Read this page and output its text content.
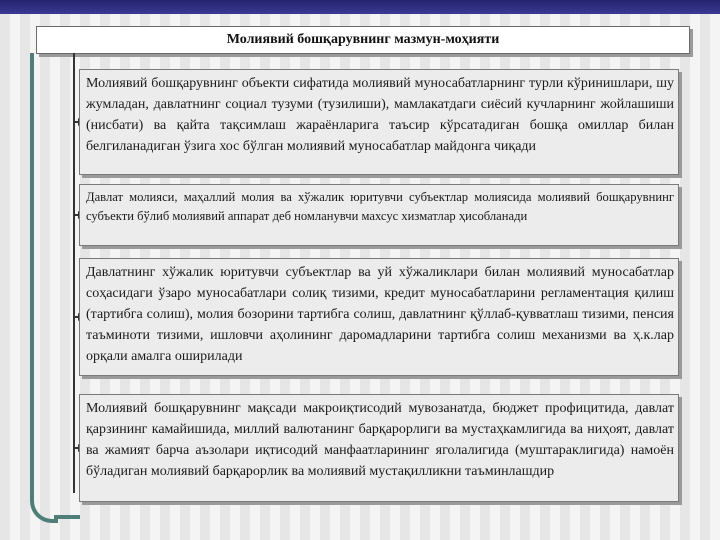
Молиявий бошқарувнинг мазмун-моҳияти

Молиявий бошқарувнинг объекти сифатида молиявий муносабатларнинг турли кўринишлари, шу жумладан, давлатнинг социал тузуми (тузилиши), мамлакатдаги сиёсий кучларнинг жойлашиши (нисбати) ва қайта тақсимлаш жараёнларига таъсир кўрсатадиган бошқа омиллар билан белгиланадиган ўзига хос бўлган молиявий муносабатлар майдонга чиқади

Давлат молияси, маҳаллий молия ва хўжалик юритувчи субъектлар молиясида молиявий бошқарувнинг субъекти бўлиб молиявий аппарат деб номланувчи махсус хизматлар ҳисобланади

Давлатнинг хўжалик юритувчи субъектлар ва уй хўжаликлари билан молиявий муносабатлар соҳасидаги ўзаро муносабатлари солиқ тизими, кредит муносабатларини регламентация қилиш (тартибга солиш), молия бозорини тартибга солиш, давлатнинг қўллаб-қувватлаш тизими, пенсия таъминоти тизими, ишловчи аҳолининг даромадларини тартибга солиш механизми ва ҳ.к.лар орқали амалга оширилади

Молиявий бошқарувнинг мақсади макроиқтисодий мувозанатда, бюджет профицитида, давлат қарзининг камайишида, миллий валютанинг барқарорлиги ва мустаҳкамлигида ва ниҳоят, давлат ва жамият барча аъзолари иқтисодий манфаатларининг яголалигида (муштараклигида) намоён бўладиган молиявий барқарорлик ва молиявий мустақилликни таъминлашдир
